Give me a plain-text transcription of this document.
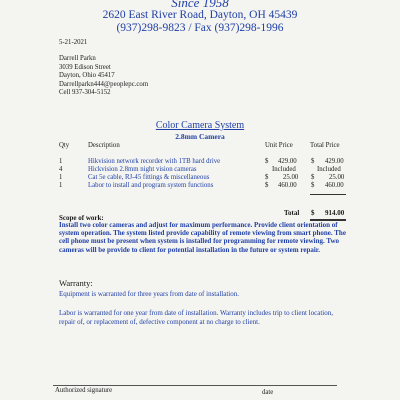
Since 1958
2620 East River Road, Dayton, OH 45439
(937)298-9823 / Fax (937)298-1996
5-21-2021
Darrell Parkn
3039 Edison Street
Dayton, Ohio 45417
Darrellparkn444@peoplepc.com
Cell 937-304-5152
Color Camera System
2.8mm Camera
Qty	Description	Unit Price	Total Price
1	Hikvision network recorder with 1TB hard drive	$ 429.00 $ 429.00
4	Hickvision 2.8mm night vision cameras	Included	Included
1	Cat 5e cable, RJ-45 fittings & miscellaneous	$ 25.00 $ 25.00
1	Labor to install and program system functions	$ 460.00 $ 460.00
Total $ 914.00
Scope of work:
Install two color cameras and adjust for maximum performance. Provide client orientation of system operation. The system listed provide capability of remote viewing from smart phone. The cell phone must be present when system is installed for programming for remote viewing. Two cameras will be provide to client for potential installation in the future or system repair.
Warranty:
Equipment is warranted for three years from date of installation.
Labor is warranted for one year from date of installation. Warranty includes trip to client location, repair of, or replacement of, defective component at no charge to client.
Authorized signature	date
